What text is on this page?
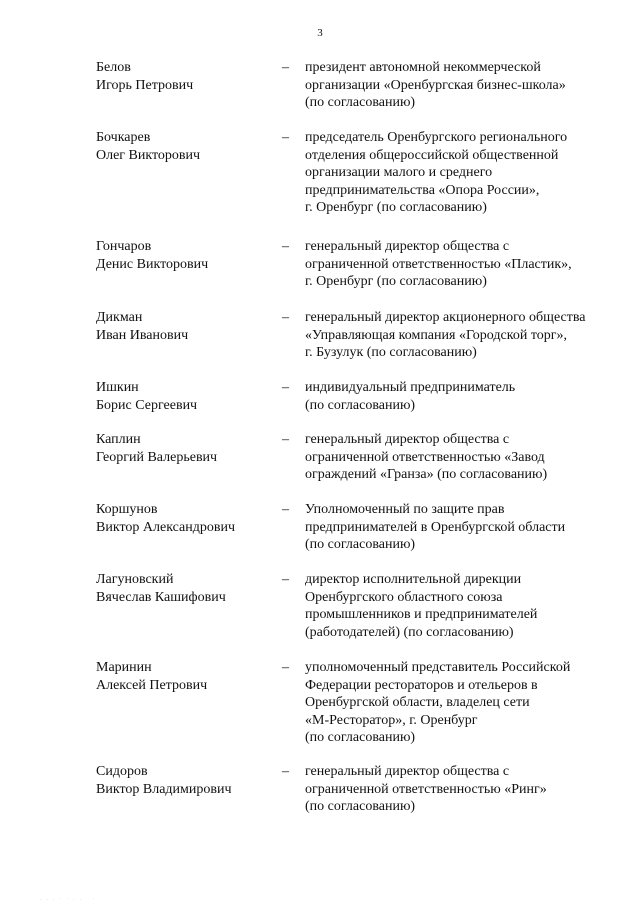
3
Белов
Игорь Петрович
– президент автономной некоммерческой
организации «Оренбургская бизнес-школа»
(по согласованию)
Бочкарев
Олег Викторович
– председатель Оренбургского регионального
отделения общероссийской общественной
организации малого и среднего
предпринимательства «Опора России»,
г. Оренбург (по согласованию)
Гончаров
Денис Викторович
– генеральный директор общества с
ограниченной ответственностью «Пластик»,
г. Оренбург (по согласованию)
Дикман
Иван Иванович
– генеральный директор акционерного общества
«Управляющая компания «Городской торг»,
г. Бузулук (по согласованию)
Ишкин
Борис Сергеевич
– индивидуальный предприниматель
(по согласованию)
Каплин
Георгий Валерьевич
– генеральный директор общества с
ограниченной ответственностью «Завод
ограждений «Гранза» (по согласованию)
Коршунов
Виктор Александрович
– Уполномоченный по защите прав
предпринимателей в Оренбургской области
(по согласованию)
Лагуновский
Вячеслав Кашифович
– директор исполнительной дирекции
Оренбургского областного союза
промышленников и предпринимателей
(работодателей) (по согласованию)
Маринин
Алексей Петрович
– уполномоченный представитель Российской
Федерации рестораторов и отельеров в
Оренбургской области, владелец сети
«М-Ресторатор», г. Оренбург
(по согласованию)
Сидоров
Виктор Владимирович
– генеральный директор общества с
ограниченной ответственностью «Ринг»
(по согласованию)
. . . · · . .   ·
